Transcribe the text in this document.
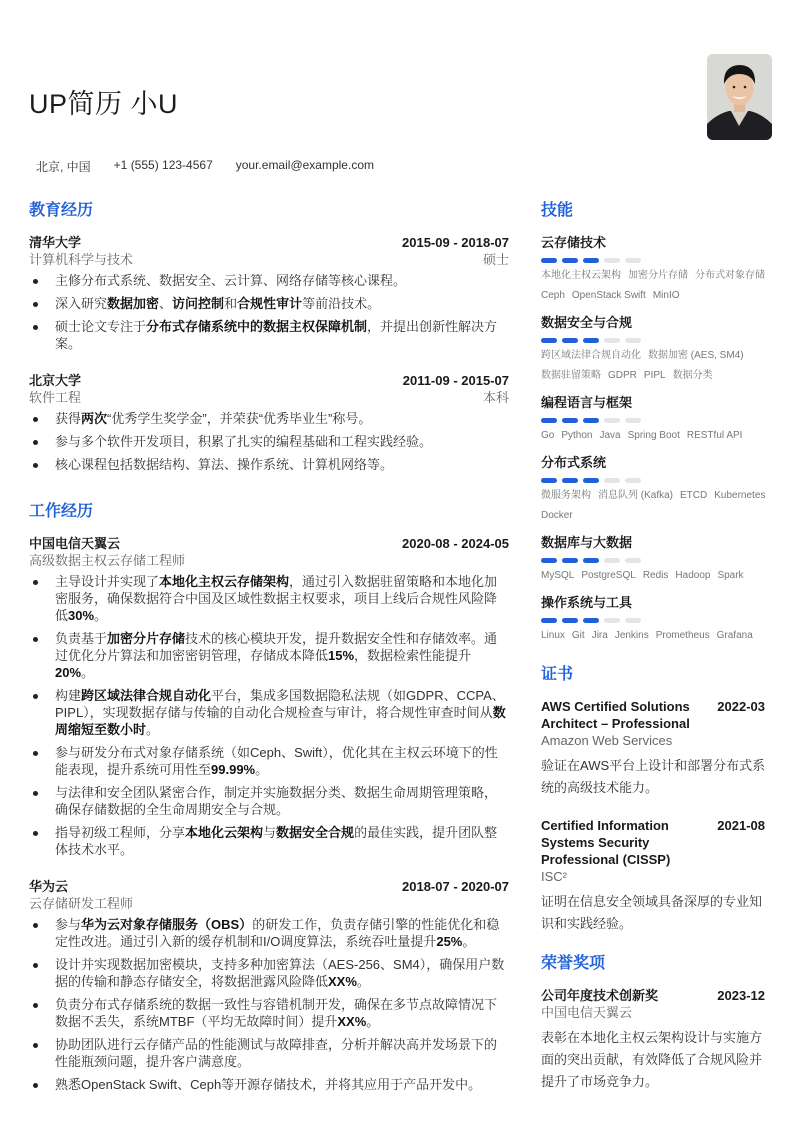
UP简历 小U
北京, 中国 +1 (555) 123-4567 your.email@example.com
教育经历
清华大学	2015-09 - 2018-07
计算机科学与技术	硕士
主修分布式系统、数据安全、云计算、网络存储等核心课程。
深入研究数据加密、访问控制和合规性审计等前沿技术。
硕士论文专注于分布式存储系统中的数据主权保障机制，并提出创新性解决方案。
北京大学	2011-09 - 2015-07
软件工程	本科
获得两次“优秀学生奖学金”，并荣获“优秀毕业生”称号。
参与多个软件开发项目，积累了扎实的编程基础和工程实践经验。
核心课程包括数据结构、算法、操作系统、计算机网络等。
工作经历
中国电信天翼云	2020-08 - 2024-05
高级数据主权云存储工程师
主导设计并实现了本地化主权云存储架构，通过引入数据驻留策略和本地化加密服务，确保数据符合中国及区域性数据主权要求，项目上线后合规性风险降低30%。
负责基于加密分片存储技术的核心模块开发，提升数据安全性和存储效率。通过优化分片算法和加密密钥管理，存储成本降低15%，数据检索性能提升20%。
构建跨区域法律合规自动化平台，集成多国数据隐私法规（如GDPR、CCPA、PIPL），实现数据存储与传输的自动化合规检查与审计，将合规性审查时间从数周缩短至数小时。
参与研发分布式对象存储系统（如Ceph、Swift），优化其在主权云环境下的性能表现，提升系统可用性至99.99%。
与法律和安全团队紧密合作，制定并实施数据分类、数据生命周期管理策略，确保存储数据的全生命周期安全与合规。
指导初级工程师，分享本地化云架构与数据安全合规的最佳实践，提升团队整体技术水平。
华为云	2018-07 - 2020-07
云存储研发工程师
参与华为云对象存储服务（OBS）的研发工作，负责存储引擎的性能优化和稳定性改进。通过引入新的缓存机制和I/O调度算法，系统吞吐量提升25%。
设计并实现数据加密模块，支持多种加密算法（AES-256、SM4），确保用户数据的传输和静态存储安全，将数据泄露风险降低XX%。
负责分布式存储系统的数据一致性与容错机制开发，确保在多节点故障情况下数据不丢失，系统MTBF（平均无故障时间）提升XX%。
协助团队进行云存储产品的性能测试与故障排查，分析并解决高并发场景下的性能瓶颈问题，提升客户满意度。
熟悉OpenStack Swift、Ceph等开源存储技术，并将其应用于产品开发中。
技能
云存储技术
本地化主权云架构 加密分片存储 分布式对象存储
Ceph OpenStack Swift MinIO
数据安全与合规
跨区域法律合规自动化 数据加密 (AES, SM4)
数据驻留策略 GDPR PIPL 数据分类
编程语言与框架
Go Python Java Spring Boot RESTful API
分布式系统
微服务架构 消息队列 (Kafka) ETCD Kubernetes
Docker
数据库与大数据
MySQL PostgreSQL Redis Hadoop Spark
操作系统与工具
Linux Git Jira Jenkins Prometheus Grafana
证书
AWS Certified Solutions Architect – Professional
2022-03
Amazon Web Services
验证在AWS平台上设计和部署分布式系统的高级技术能力。
Certified Information Systems Security Professional (CISSP)
2021-08
ISC²
证明在信息安全领域具备深厚的专业知识和实践经验。
荣誉奖项
公司年度技术创新奖	2023-12
中国电信天翼云
表彰在本地化主权云架构设计与实施方面的突出贡献，有效降低了合规风险并提升了市场竞争力。
